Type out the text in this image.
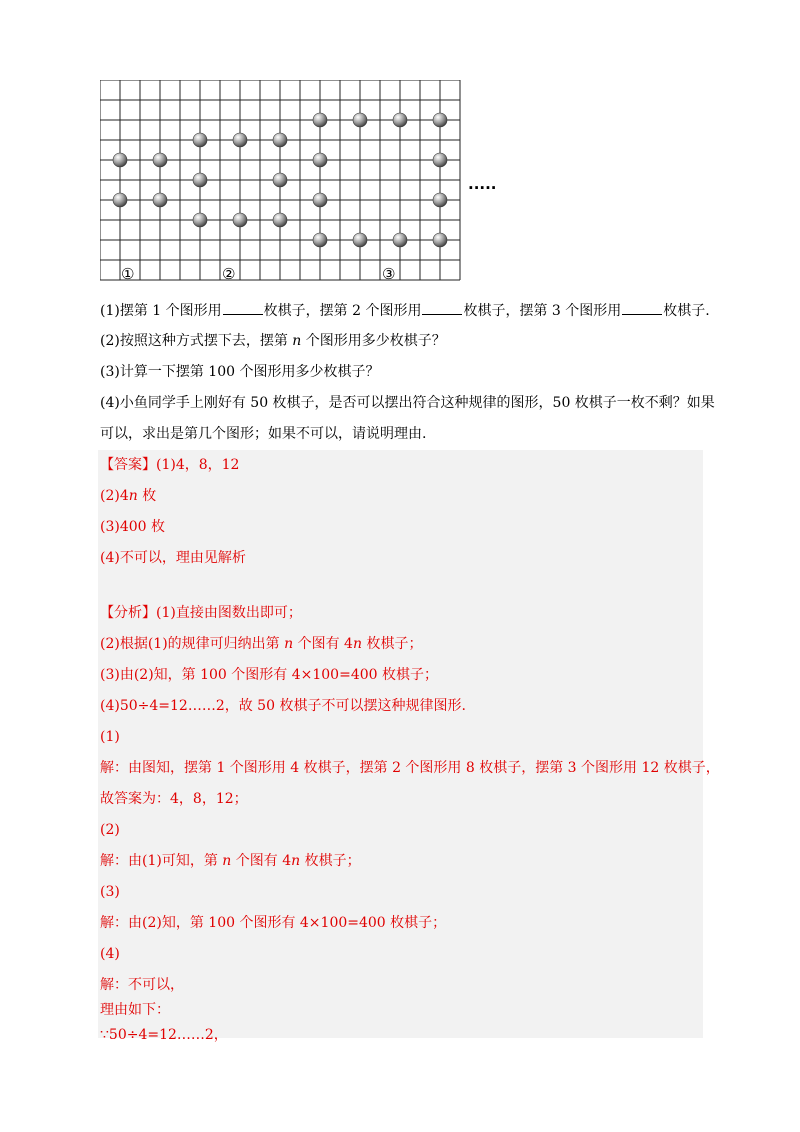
①	②	③
.....
(1)摆第 1 个图形用	枚棋子，摆第 2 个图形用	枚棋子，摆第 3 个图形用	枚棋子.
(2)按照这种方式摆下去，摆第 n 个图形用多少枚棋子？
(3)计算一下摆第 100 个图形用多少枚棋子？
(4)小鱼同学手上刚好有 50 枚棋子，是否可以摆出符合这种规律的图形，50 枚棋子一枚不剩？如果
可以，求出是第几个图形；如果不可以，请说明理由.
【答案】(1)4，8，12
(2)4n 枚
(3)400 枚
(4)不可以，理由见解析
【分析】(1)直接由图数出即可；
(2)根据(1)的规律可归纳出第 n 个图有 4n 枚棋子；
(3)由(2)知，第 100 个图形有 4×100=400 枚棋子；
(4)50÷4=12……2，故 50 枚棋子不可以摆这种规律图形.
(1)
解：由图知，摆第 1 个图形用 4 枚棋子，摆第 2 个图形用 8 枚棋子，摆第 3 个图形用 12 枚棋子，
故答案为：4，8，12；
(2)
解：由(1)可知，第 n 个图有 4n 枚棋子；
(3)
解：由(2)知，第 100 个图形有 4×100=400 枚棋子；
(4)
解：不可以，
理由如下：
∵50÷4=12……2，
